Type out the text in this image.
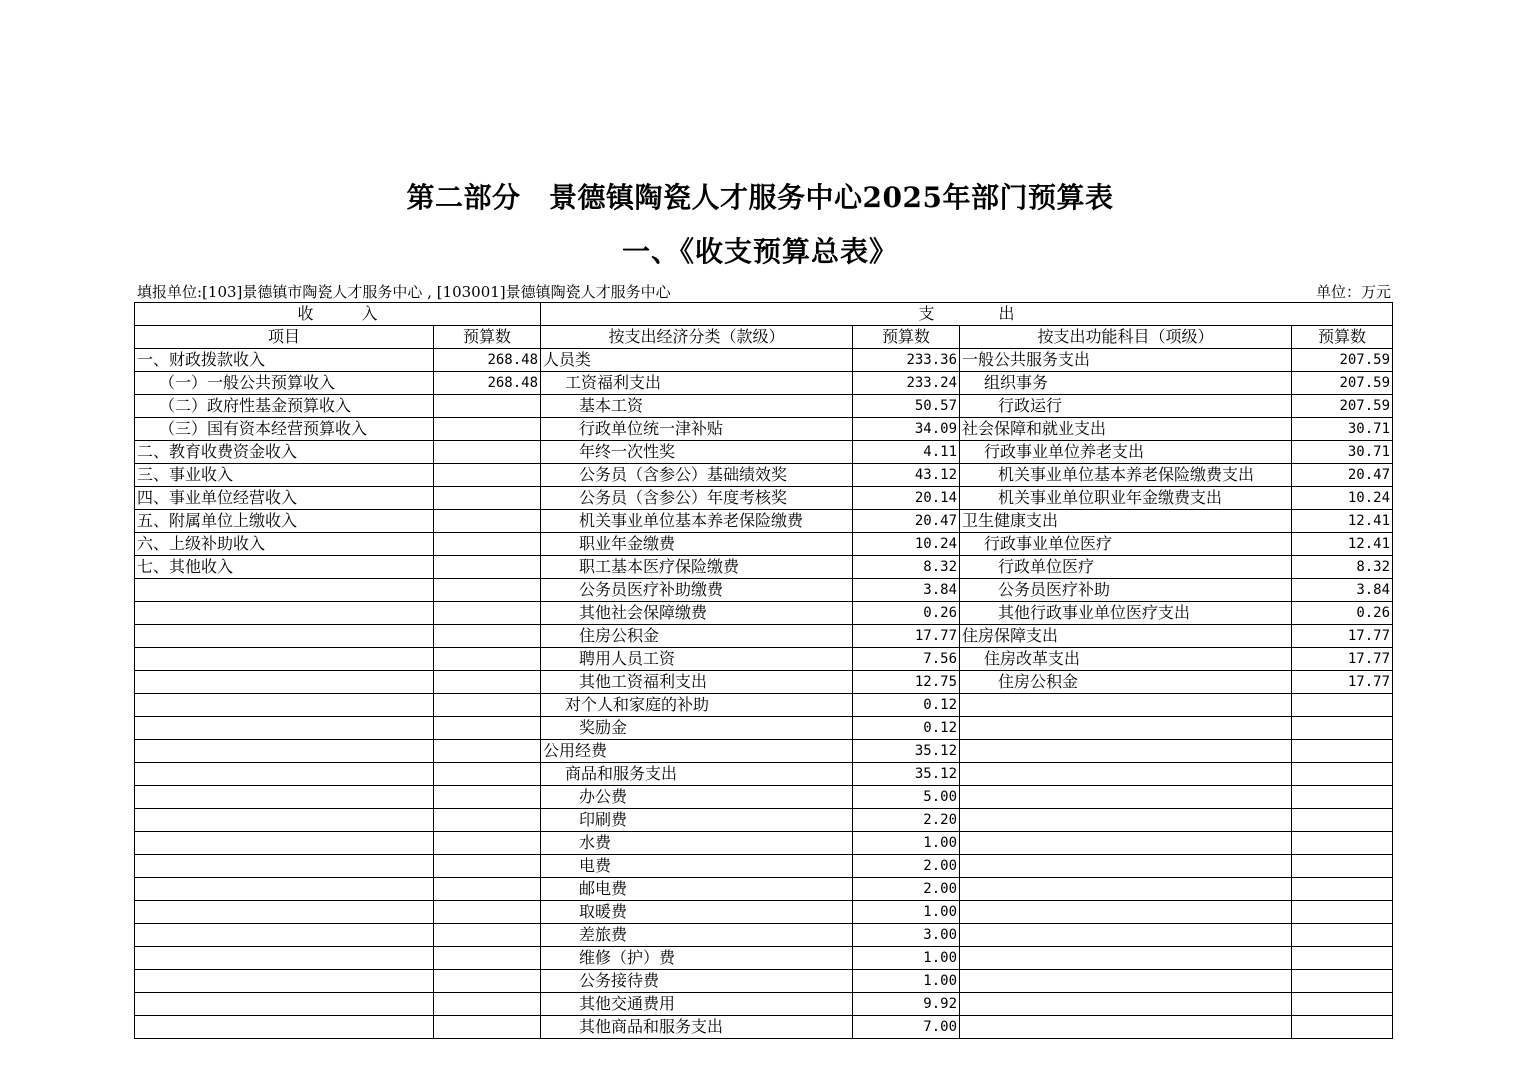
第二部分　景德镇陶瓷人才服务中心2025年部门预算表
一、《收支预算总表》
填报单位:[103]景德镇市陶瓷人才服务中心 , [103001]景德镇陶瓷人才服务中心	单位：万元
收　　　入		支　　　　出			
项目	预算数	按支出经济分类（款级）	预算数	按支出功能科目（项级）	预算数
一、财政拨款收入	268.48	人员类	233.36	一般公共服务支出	207.59
（一）一般公共预算收入	268.48	工资福利支出	233.24	组织事务	207.59
（二）政府性基金预算收入		基本工资	50.57	行政运行	207.59
（三）国有资本经营预算收入		行政单位统一津补贴	34.09	社会保障和就业支出	30.71
二、教育收费资金收入		年终一次性奖	4.11	行政事业单位养老支出	30.71
三、事业收入		公务员（含参公）基础绩效奖	43.12	机关事业单位基本养老保险缴费支出	20.47
四、事业单位经营收入		公务员（含参公）年度考核奖	20.14	机关事业单位职业年金缴费支出	10.24
五、附属单位上缴收入		机关事业单位基本养老保险缴费	20.47	卫生健康支出	12.41
六、上级补助收入		职业年金缴费	10.24	行政事业单位医疗	12.41
七、其他收入		职工基本医疗保险缴费	8.32	行政单位医疗	8.32
		公务员医疗补助缴费	3.84	公务员医疗补助	3.84
		其他社会保障缴费	0.26	其他行政事业单位医疗支出	0.26
		住房公积金	17.77	住房保障支出	17.77
		聘用人员工资	7.56	住房改革支出	17.77
		其他工资福利支出	12.75	住房公积金	17.77
		对个人和家庭的补助	0.12		
		奖励金	0.12		
		公用经费	35.12		
		商品和服务支出	35.12		
		办公费	5.00		
		印刷费	2.20		
		水费	1.00		
		电费	2.00		
		邮电费	2.00		
		取暖费	1.00		
		差旅费	3.00		
		维修（护）费	1.00		
		公务接待费	1.00		
		其他交通费用	9.92		
		其他商品和服务支出	7.00		
